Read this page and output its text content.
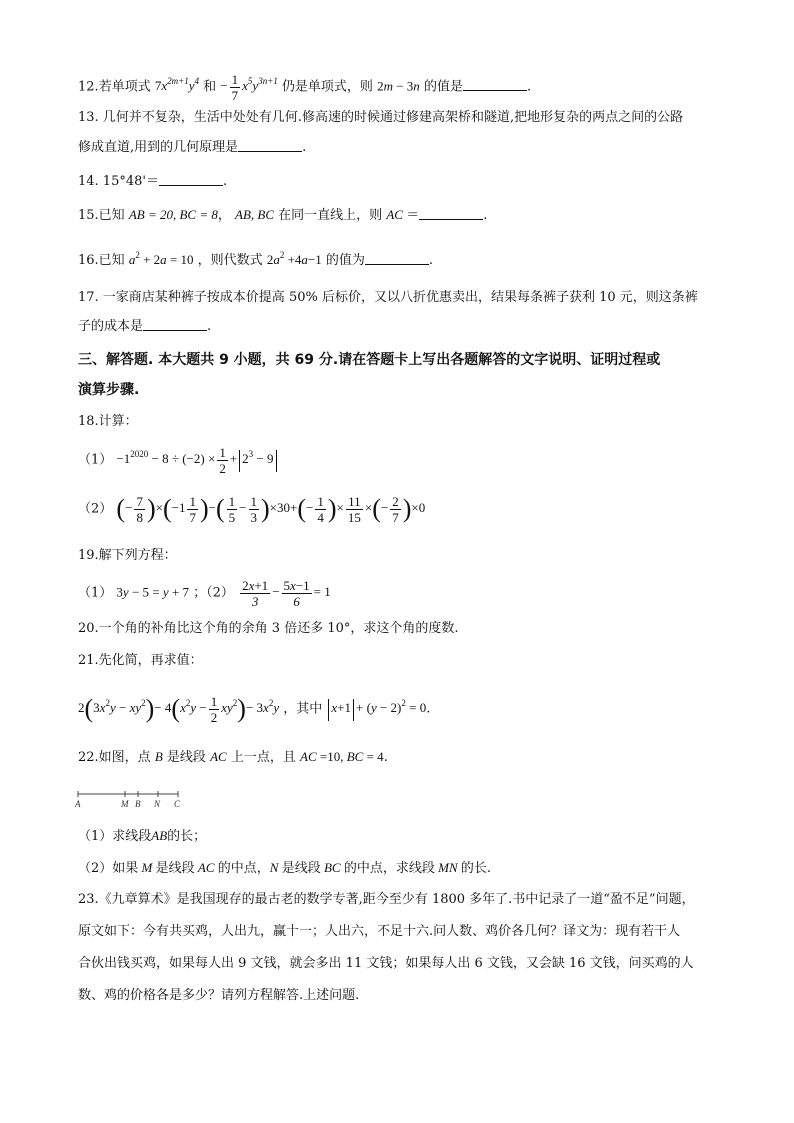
12.若单项式 $7x^{2m+1}y^4$ 和 − $\frac{1}{7} x^5y^{3n+1}$ 仍是单项式，则 2m − 3n 的值是	.
13. 几何并不复杂，生活中处处有几何.修高速的时候通过修建高架桥和隧道,把地形复杂的两点之间的公路
修成直道,用到的几何原理是	.
14. 15°48'＝	.
15.已知 AB = 20, BC = 8， AB, BC 在同一直线上，则 AC ＝	.
16.已知 $a^2 + 2a = 10$ ，则代数式 $2a^2 +4a-1$ 的值为	.
17. 一家商店某种裤子按成本价提高 50% 后标价，又以八折优惠卖出，结果每条裤子获利 10 元，则这条裤
子的成本是	.
三、解答题. 本大题共 9 小题，共 69 分.请在答题卡上写出各题解答的文字说明、证明过程或
演算步骤.
18.计算：
$(1) -1^{2020} - 8 \div (-2) \times \frac{1}{2} + 2^3 - 9$
（2） (− $\frac{7}{8} )\times(-1 \frac{1}{7}$ )−( $\frac{1}{5} - \frac{1}{3} )\times 30+(- \frac{1}{4}$ )× $\frac{11}{15}$ ×(− $\frac{2}{7} )\times 0$
19.解下列方程：
（1） 3y − 5 = y + 7 ；$(2) \frac{2x+1}{3} - \frac{5x-1}{6} = 1$
20.一个角的补角比这个角的余角 3 倍还多 10°，求这个角的度数.
21.先化简，再求值：
$2(3x^2y - xy^2)- 4(x^2y - \frac{1}{2} xy^2)- 3x^2y$ ，其中 $x+1 + (y - 2)^2 = 0$.
22.如图，点 B 是线段 AC 上一点，且 AC =10, BC = 4.
A	M B N C
（1）求线段AB的长；
（2）如果 M 是线段 AC 的中点，N 是线段 BC 的中点，求线段 MN 的长.
23.《九章算术》是我国现存的最古老的数学专著,距今至少有 1800 多年了.书中记录了一道“盈不足”问题，
原文如下：今有共买鸡，人出九，赢十一；人出六，不足十六.问人数、鸡价各几何？译文为：现有若干人
合伙出钱买鸡，如果每人出 9 文钱，就会多出 11 文钱；如果每人出 6 文钱，又会缺 16 文钱，问买鸡的人
数、鸡的价格各是多少？请列方程解答.上述问题.
